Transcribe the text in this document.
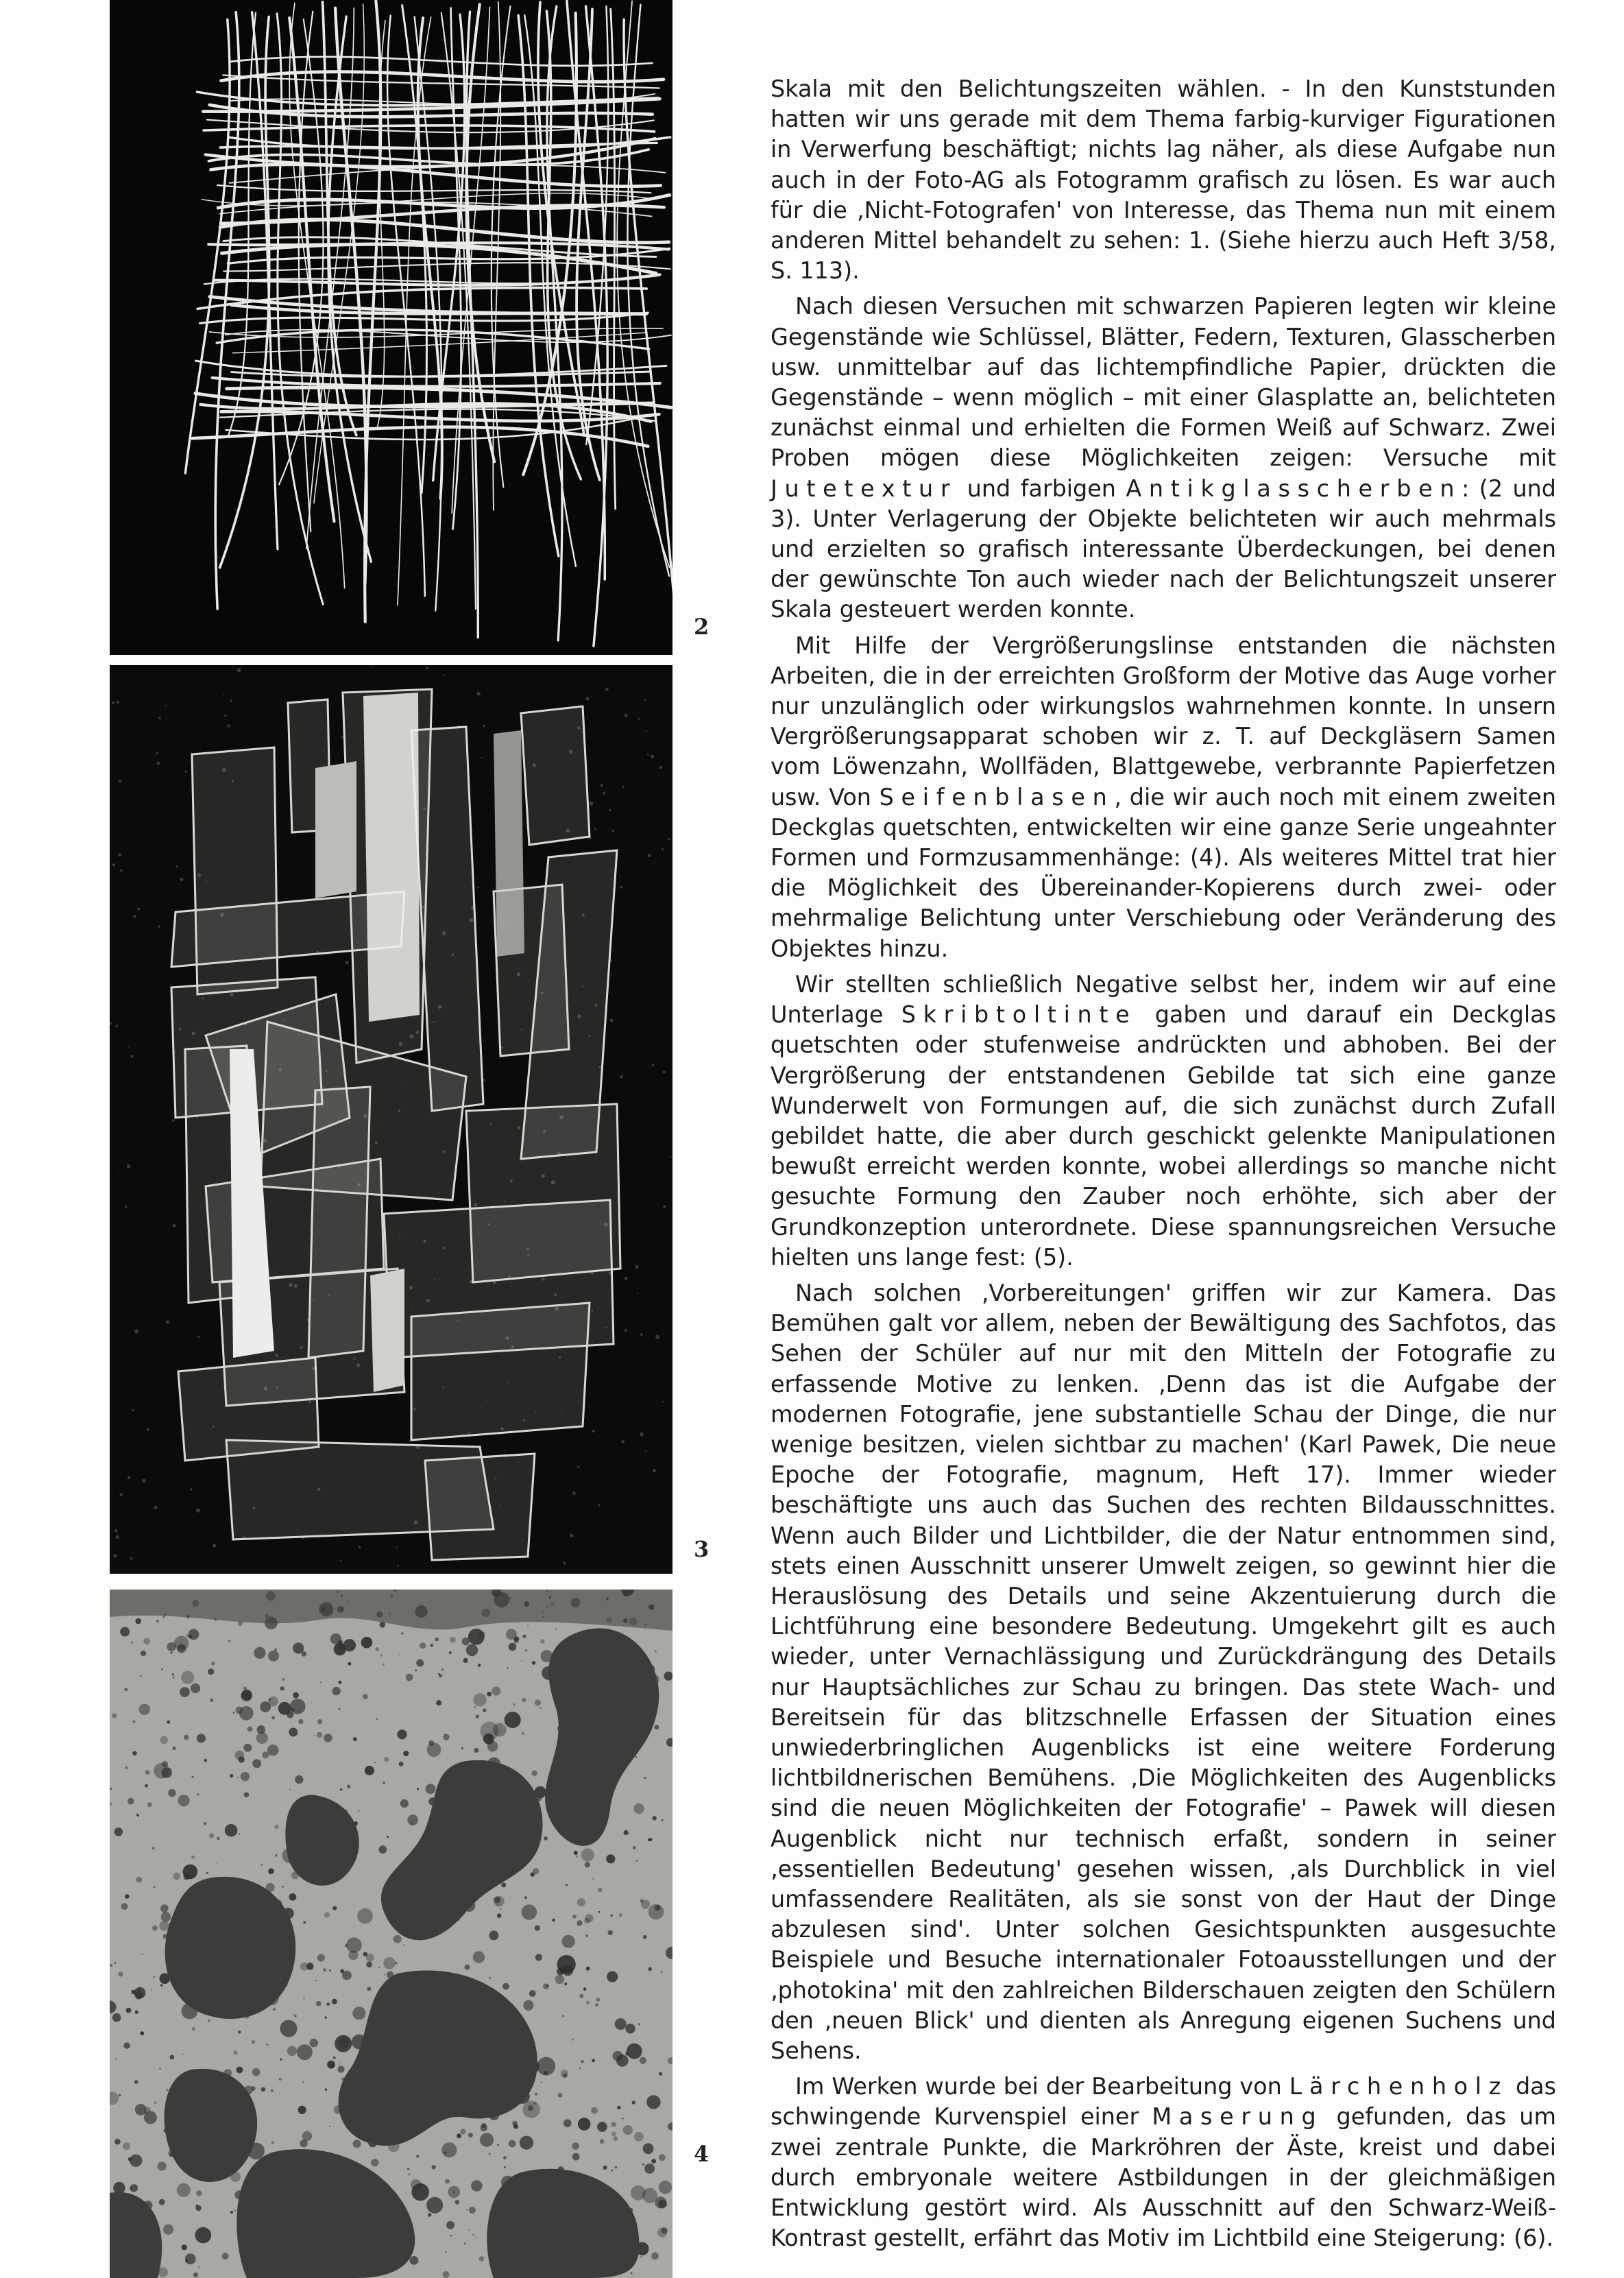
2
3
4

Skala mit den Belichtungszeiten wählen. - In den Kunststunden hatten wir uns gerade mit dem Thema farbig-kurviger Figurationen in Verwerfung beschäftigt; nichts lag näher, als diese Aufgabe nun auch in der Foto-AG als Fotogramm grafisch zu lösen. Es war auch für die ‚Nicht-Fotografen' von Interesse, das Thema nun mit einem anderen Mittel behandelt zu sehen: 1. (Siehe hierzu auch Heft 3/58, S. 113).

Nach diesen Versuchen mit schwarzen Papieren legten wir kleine Gegenstände wie Schlüssel, Blätter, Federn, Texturen, Glasscherben usw. unmittelbar auf das lichtempfindliche Papier, drückten die Gegenstände – wenn möglich – mit einer Glasplatte an, belichteten zunächst einmal und erhielten die Formen Weiß auf Schwarz. Zwei Proben mögen diese Möglichkeiten zeigen: Versuche mit Jutetextur und farbigen Antikglasscherben: (2 und 3). Unter Verlagerung der Objekte belichteten wir auch mehrmals und erzielten so grafisch interessante Überdeckungen, bei denen der gewünschte Ton auch wieder nach der Belichtungszeit unserer Skala gesteuert werden konnte.

Mit Hilfe der Vergrößerungslinse entstanden die nächsten Arbeiten, die in der erreichten Großform der Motive das Auge vorher nur unzulänglich oder wirkungslos wahrnehmen konnte. In unsern Vergrößerungsapparat schoben wir z. T. auf Deckgläsern Samen vom Löwenzahn, Wollfäden, Blattgewebe, verbrannte Papierfetzen usw. Von Seifenblasen, die wir auch noch mit einem zweiten Deckglas quetschten, entwickelten wir eine ganze Serie ungeahnter Formen und Formzusammenhänge: (4). Als weiteres Mittel trat hier die Möglichkeit des Übereinander-Kopierens durch zwei- oder mehrmalige Belichtung unter Verschiebung oder Veränderung des Objektes hinzu.

Wir stellten schließlich Negative selbst her, indem wir auf eine Unterlage Skribtoltinte gaben und darauf ein Deckglas quetschten oder stufenweise andrückten und abhoben. Bei der Vergrößerung der entstandenen Gebilde tat sich eine ganze Wunderwelt von Formungen auf, die sich zunächst durch Zufall gebildet hatte, die aber durch geschickt gelenkte Manipulationen bewußt erreicht werden konnte, wobei allerdings so manche nicht gesuchte Formung den Zauber noch erhöhte, sich aber der Grundkonzeption unterordnete. Diese spannungsreichen Versuche hielten uns lange fest: (5).

Nach solchen ‚Vorbereitungen' griffen wir zur Kamera. Das Bemühen galt vor allem, neben der Bewältigung des Sachfotos, das Sehen der Schüler auf nur mit den Mitteln der Fotografie zu erfassende Motive zu lenken. ‚Denn das ist die Aufgabe der modernen Fotografie, jene substantielle Schau der Dinge, die nur wenige besitzen, vielen sichtbar zu machen' (Karl Pawek, Die neue Epoche der Fotografie, magnum, Heft 17). Immer wieder beschäftigte uns auch das Suchen des rechten Bildausschnittes. Wenn auch Bilder und Lichtbilder, die der Natur entnommen sind, stets einen Ausschnitt unserer Umwelt zeigen, so gewinnt hier die Herauslösung des Details und seine Akzentuierung durch die Lichtführung eine besondere Bedeutung. Umgekehrt gilt es auch wieder, unter Vernachlässigung und Zurückdrängung des Details nur Hauptsächliches zur Schau zu bringen. Das stete Wach- und Bereitsein für das blitzschnelle Erfassen der Situation eines unwiederbringlichen Augenblicks ist eine weitere Forderung lichtbildnerischen Bemühens. ‚Die Möglichkeiten des Augenblicks sind die neuen Möglichkeiten der Fotografie' – Pawek will diesen Augenblick nicht nur technisch erfaßt, sondern in seiner ‚essentiellen Bedeutung' gesehen wissen, ‚als Durchblick in viel umfassendere Realitäten, als sie sonst von der Haut der Dinge abzulesen sind'. Unter solchen Gesichtspunkten ausgesuchte Beispiele und Besuche internationaler Fotoausstellungen und der ‚photokina' mit den zahlreichen Bilderschauen zeigten den Schülern den ‚neuen Blick' und dienten als Anregung eigenen Suchens und Sehens.

Im Werken wurde bei der Bearbeitung von Lärchenholz das schwingende Kurvenspiel einer Maserung gefunden, das um zwei zentrale Punkte, die Markröhren der Äste, kreist und dabei durch embryonale weitere Astbildungen in der gleichmäßigen Entwicklung gestört wird. Als Ausschnitt auf den Schwarz-Weiß-Kontrast gestellt, erfährt das Motiv im Lichtbild eine Steigerung: (6).
